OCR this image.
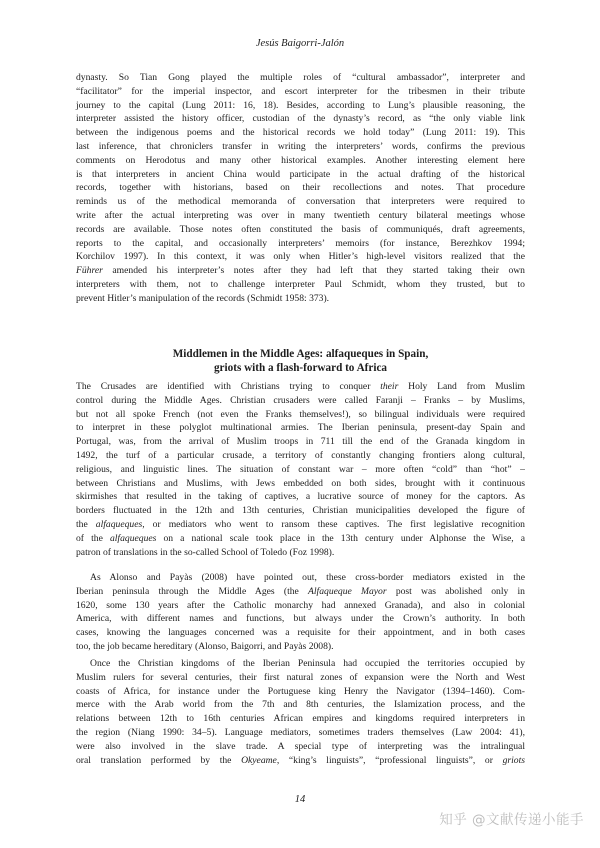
Jesús Baigorri-Jalón

dynasty. So Tian Gong played the multiple roles of “cultural ambassador”, interpreter and

“facilitator” for the imperial inspector, and escort interpreter for the tribesmen in their tribute

journey to the capital (Lung 2011: 16, 18). Besides, according to Lung’s plausible reasoning, the

interpreter assisted the history officer, custodian of the dynasty’s record, as “the only viable link

between the indigenous poems and the historical records we hold today” (Lung 2011: 19). This

last inference, that chroniclers transfer in writing the interpreters’ words, confirms the previous

comments on Herodotus and many other historical examples. Another interesting element here

is that interpreters in ancient China would participate in the actual drafting of the historical

records, together with historians, based on their recollections and notes. That procedure

reminds us of the methodical memoranda of conversation that interpreters were required to

write after the actual interpreting was over in many twentieth century bilateral meetings whose

records are available. Those notes often constituted the basis of communiqués, draft agreements,

reports to the capital, and occasionally interpreters’ memoirs (for instance, Berezhkov 1994;

Korchilov 1997). In this context, it was only when Hitler’s high-level visitors realized that the

Führer amended his interpreter’s notes after they had left that they started taking their own

interpreters with them, not to challenge interpreter Paul Schmidt, whom they trusted, but to

prevent Hitler’s manipulation of the records (Schmidt 1958: 373).

Middlemen in the Middle Ages: alfaqueques in Spain,
griots with a flash-forward to Africa

The Crusades are identified with Christians trying to conquer their Holy Land from Muslim

control during the Middle Ages. Christian crusaders were called Faranji – Franks – by Muslims,

but not all spoke French (not even the Franks themselves!), so bilingual individuals were required

to interpret in these polyglot multinational armies. The Iberian peninsula, present-day Spain and

Portugal, was, from the arrival of Muslim troops in 711 till the end of the Granada kingdom in

1492, the turf of a particular crusade, a territory of constantly changing frontiers along cultural,

religious, and linguistic lines. The situation of constant war – more often “cold” than “hot” –

between Christians and Muslims, with Jews embedded on both sides, brought with it continuous

skirmishes that resulted in the taking of captives, a lucrative source of money for the captors. As

borders fluctuated in the 12th and 13th centuries, Christian municipalities developed the figure of

the alfaqueques, or mediators who went to ransom these captives. The first legislative recognition

of the alfaqueques on a national scale took place in the 13th century under Alphonse the Wise, a

patron of translations in the so-called School of Toledo (Foz 1998).

As Alonso and Payàs (2008) have pointed out, these cross-border mediators existed in the

Iberian peninsula through the Middle Ages (the Alfaqueque Mayor post was abolished only in

1620, some 130 years after the Catholic monarchy had annexed Granada), and also in colonial

America, with different names and functions, but always under the Crown’s authority. In both

cases, knowing the languages concerned was a requisite for their appointment, and in both cases

too, the job became hereditary (Alonso, Baigorri, and Payàs 2008).

Once the Christian kingdoms of the Iberian Peninsula had occupied the territories occupied by

Muslim rulers for several centuries, their first natural zones of expansion were the North and West

coasts of Africa, for instance under the Portuguese king Henry the Navigator (1394–1460). Com-

merce with the Arab world from the 7th and 8th centuries, the Islamization process, and the

relations between 12th to 16th centuries African empires and kingdoms required interpreters in

the region (Niang 1990: 34–5). Language mediators, sometimes traders themselves (Law 2004: 41),

were also involved in the slave trade. A special type of interpreting was the intralingual

oral translation performed by the Okyeame, “king’s linguists”, “professional linguists”, or griots

14
知乎 @文献传递小能手
